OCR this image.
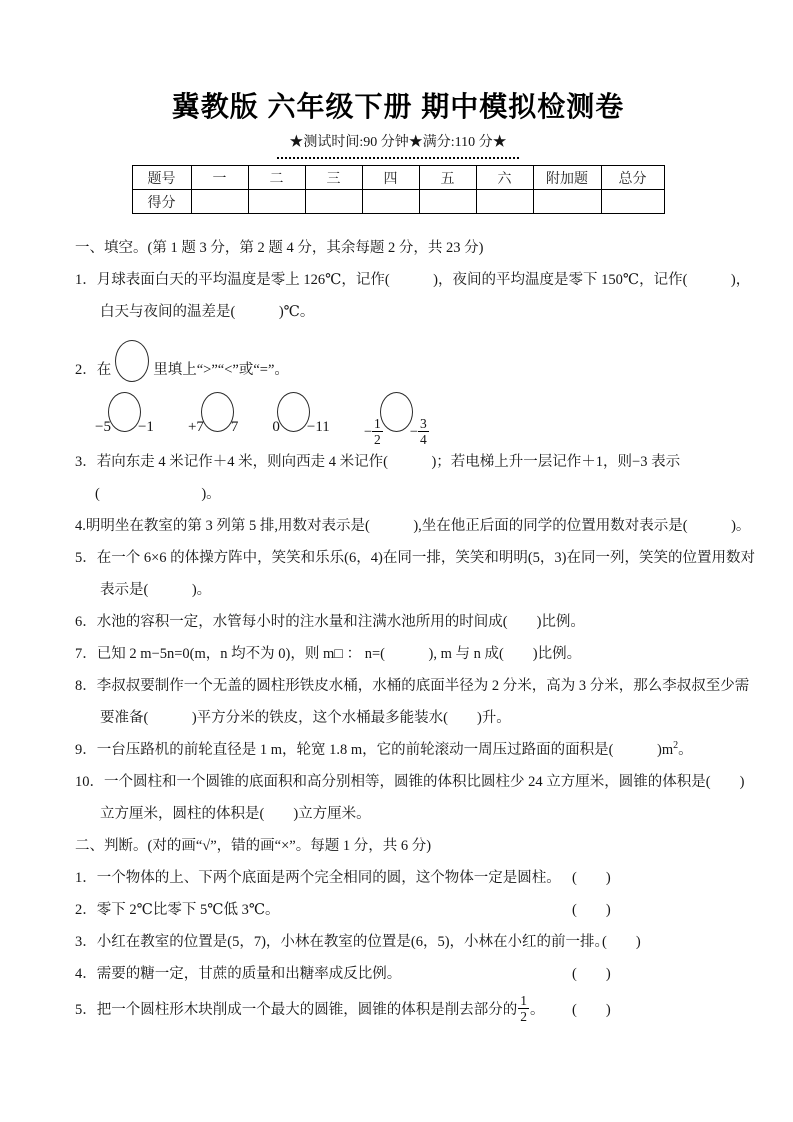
冀教版 六年级下册 期中模拟检测卷
★测试时间:90 分钟★满分:110 分★
题号	一	二	三	四	五	六	附加题	总分
得分								
一、填空。(第 1 题 3 分，第 2 题 4 分，其余每题 2 分，共 23 分)
1．月球表面白天的平均温度是零上 126℃，记作(　　　)，夜间的平均温度是零下 150℃，记作(　　　)，
白天与夜间的温差是(　　　)℃。
2．在	里填上“>”“<”或“=”。
−5 −1 +7 7 $0 -11 - \frac{1}{2} - \frac{3}{4}$
3．若向东走 4 米记作＋4 米，则向西走 4 米记作(　　　)；若电梯上升一层记作＋1，则−3 表示
(　　　　　　　)。
4.明明坐在教室的第 3 列第 5 排,用数对表示是(　　　),坐在他正后面的同学的位置用数对表示是(　　　)。
5．在一个 6×6 的体操方阵中，笑笑和乐乐(6，4)在同一排，笑笑和明明(5，3)在同一列，笑笑的位置用数对
表示是(　　　)。
6．水池的容积一定，水管每小时的注水量和注满水池所用的时间成(　　)比例。
7．已知 2 m−5n=0(m，n 均不为 0)，则 m□ ： n=(　　　), m 与 n 成(　　)比例。
8．李叔叔要制作一个无盖的圆柱形铁皮水桶，水桶的底面半径为 2 分米，高为 3 分米，那么李叔叔至少需
要准备(　　　)平方分米的铁皮，这个水桶最多能装水(　　)升。
9．一台压路机的前轮直径是 1 m，轮宽 1.8 m，它的前轮滚动一周压过路面的面积是(　　　)$m^2$。
10．一个圆柱和一个圆锥的底面积和高分别相等，圆锥的体积比圆柱少 24 立方厘米，圆锥的体积是(　　)
立方厘米，圆柱的体积是(　　)立方厘米。
二、判断。(对的画“√”，错的画“×”。每题 1 分，共 6 分)
1．一个物体的上、下两个底面是两个完全相同的圆，这个物体一定是圆柱。 (　　)
2．零下 2℃比零下 5℃低 3℃。	(　　)
3．小红在教室的位置是(5，7)，小林在教室的位置是(6，5)，小林在小红的前一排。
(　　)
4．需要的糖一定，甘蔗的质量和出糖率成反比例。	(　　)
5．把一个圆柱形木块削成一个最大的圆锥，圆锥的体积是削去部分的 $\frac{1}{2}$ 。 (　　)
